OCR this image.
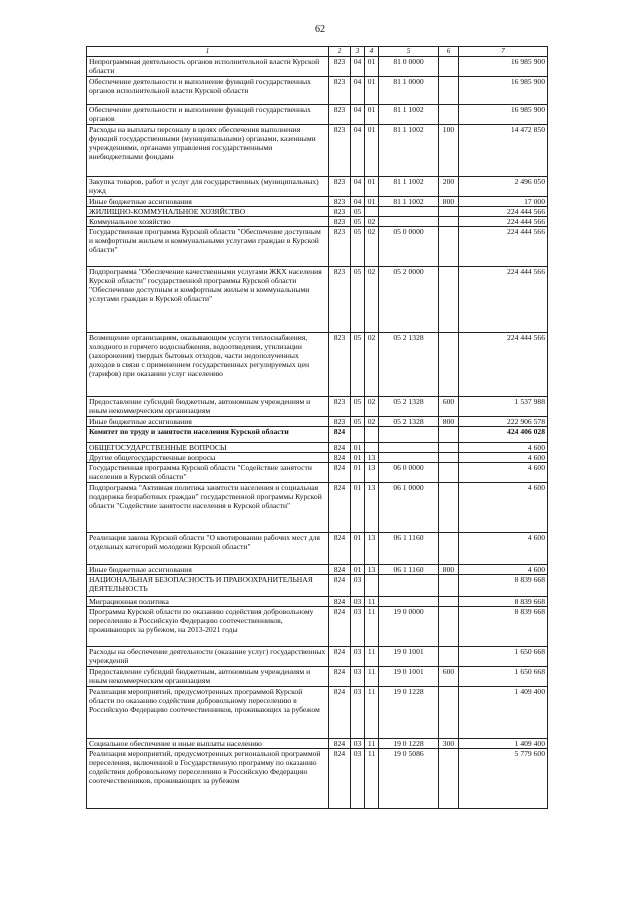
62
1	2	3	4	5	6	7
Непрограммная деятельность органов исполнительной власти Курской области	823	04	01	81 0 0000		16 985 900
Обеспечение деятельности и выполнение функций государственных органов исполнительной власти Курской области	823	04	01	81 1 0000		16 985 900
Обеспечение деятельности и выполнение функций государственных органов	823	04	01	81 1 1002		16 985 900
Расходы на выплаты персоналу в целях обеспечения выполнения функций государственными (муниципальными) органами, казенными учреждениями, органами управления государственными внебюджетными фондами	823	04	01	81 1 1002	100	14 472 850
Закупка товаров, работ и услуг для государственных (муниципальных) нужд	823	04	01	81 1 1002	200	2 496 050
Иные бюджетные ассигнования	823	04	01	81 1 1002	800	17 000
ЖИЛИЩНО-КОММУНАЛЬНОЕ ХОЗЯЙСТВО	823	05				224 444 566
Коммунальное хозяйство	823	05	02			224 444 566
Государственная программа Курской области "Обеспечение доступным и комфортным жильем и коммунальными услугами граждан в Курской области"	823	05	02	05 0 0000		224 444 566
Подпрограмма "Обеспечение качественными услугами ЖКХ населения Курской области" государственной программы Курской области "Обеспечение доступным и комфортным жильем и коммунальными услугами граждан в Курской области"	823	05	02	05 2 0000		224 444 566
Возмещение организациям, оказывающим услуги теплоснабжения, холодного и горячего водоснабжения, водоотведения, утилизации (захоронения) твердых бытовых отходов, части недополученных доходов в связи с применением государственных регулируемых цен (тарифов) при оказании услуг населению	823	05	02	05 2 1328		224 444 566
Предоставление субсидий бюджетным, автономным учреждениям и иным некоммерческим организациям	823	05	02	05 2 1328	600	1 537 988
Иные бюджетные ассигнования	823	05	02	05 2 1328	800	222 906 578
Комитет по труду и занятости населения Курской области	824					424 406 028
ОБЩЕГОСУДАРСТВЕННЫЕ ВОПРОСЫ	824	01				4 600
Другие общегосударственные вопросы	824	01	13			4 600
Государственная программа Курской области "Содействие занятости населения в Курской области"	824	01	13	06 0 0000		4 600
Подпрограмма "Активная политика занятости населения и социальная поддержка безработных граждан" государственной программы Курской области "Содействие занятости населения в Курской области"	824	01	13	06 1 0000		4 600
Реализация закона Курской области "О квотировании рабочих мест для отдельных категорий молодежи Курской области"	824	01	13	06 1 1160		4 600
Иные бюджетные ассигнования	824	01	13	06 1 1160	800	4 600
НАЦИОНАЛЬНАЯ БЕЗОПАСНОСТЬ И ПРАВООХРАНИТЕЛЬНАЯ ДЕЯТЕЛЬНОСТЬ	824	03				8 839 668
Миграционная политика	824	03	11			8 839 668
Программа Курской области по оказанию содействия добровольному переселению в Российскую Федерацию соотечественников, проживающих за рубежом, на 2013-2021 годы	824	03	11	19 0 0000		8 839 668
Расходы на обеспечение деятельности (оказание услуг) государственных учреждений	824	03	11	19 0 1001		1 650 668
Предоставление субсидий бюджетным, автономным учреждениям и иным некоммерческим организациям	824	03	11	19 0 1001	600	1 650 668
Реализация мероприятий, предусмотренных программой Курской области по оказанию содействия добровольному переселению в Российскую Федерацию соотечественников, проживающих за рубежом	824	03	11	19 0 1228		1 409 400
Социальное обеспечение и иные выплаты населению	824	03	11	19 0 1228	300	1 409 400
Реализация мероприятий, предусмотренных региональной программой переселения, включенной в Государственную программу по оказанию содействия добровольному переселению в Российскую Федерацию соотечественников, проживающих за рубежом	824	03	11	19 0 5086		5 779 600
